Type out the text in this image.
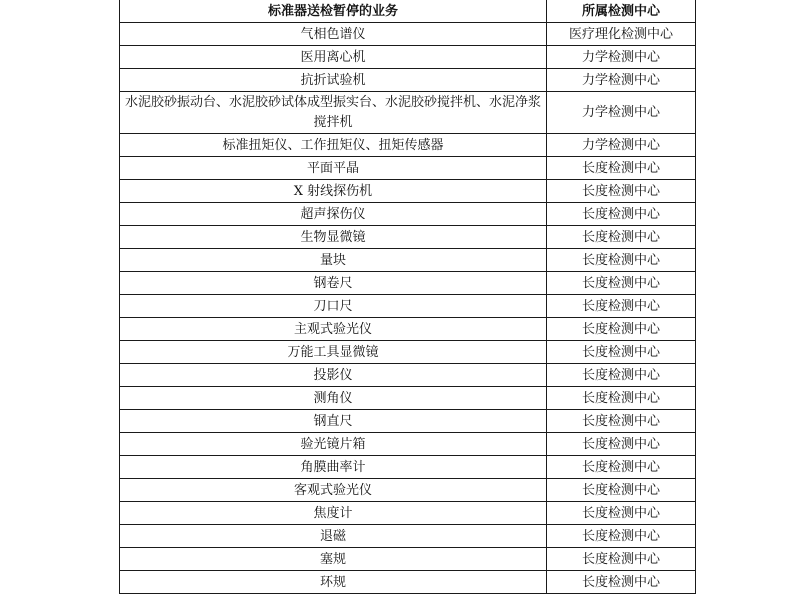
标准器送检暂停的业务	所属检测中心
气相色谱仪	医疗理化检测中心
医用离心机	力学检测中心
抗折试验机	力学检测中心
水泥胶砂振动台、水泥胶砂试体成型振实台、水泥胶砂搅拌机、水泥净浆搅拌机	力学检测中心
标准扭矩仪、工作扭矩仪、扭矩传感器	力学检测中心
平面平晶	长度检测中心
X 射线探伤机	长度检测中心
超声探伤仪	长度检测中心
生物显微镜	长度检测中心
量块	长度检测中心
钢卷尺	长度检测中心
刀口尺	长度检测中心
主观式验光仪	长度检测中心
万能工具显微镜	长度检测中心
投影仪	长度检测中心
测角仪	长度检测中心
钢直尺	长度检测中心
验光镜片箱	长度检测中心
角膜曲率计	长度检测中心
客观式验光仪	长度检测中心
焦度计	长度检测中心
退磁	长度检测中心
塞规	长度检测中心
环规	长度检测中心
